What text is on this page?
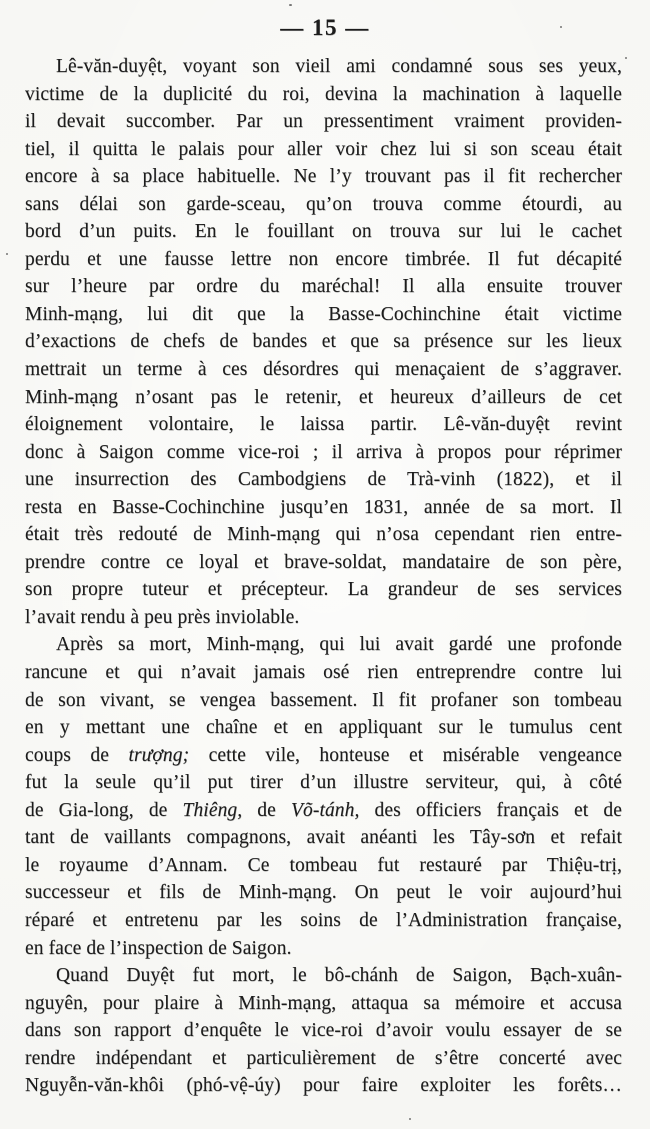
— 15 —
Lê-văn-duyệt, voyant son vieil ami condamné sous ses yeux,
victime de la duplicité du roi, devina la machination à laquelle
il devait succomber. Par un pressentiment vraiment providen-
tiel, il quitta le palais pour aller voir chez lui si son sceau était
encore à sa place habituelle. Ne l’y trouvant pas il fit rechercher
sans délai son garde-sceau, qu’on trouva comme étourdi, au
bord d’un puits. En le fouillant on trouva sur lui le cachet
perdu et une fausse lettre non encore timbrée. Il fut décapité
sur l’heure par ordre du maréchal! Il alla ensuite trouver
Minh-mạng, lui dit que la Basse-Cochinchine était victime
d’exactions de chefs de bandes et que sa présence sur les lieux
mettrait un terme à ces désordres qui menaçaient de s’aggraver.
Minh-mạng n’osant pas le retenir, et heureux d’ailleurs de cet
éloignement volontaire, le laissa partir. Lê-văn-duyệt revint
donc à Saigon comme vice-roi ; il arriva à propos pour réprimer
une insurrection des Cambodgiens de Trà-vinh (1822), et il
resta en Basse-Cochinchine jusqu’en 1831, année de sa mort. Il
était très redouté de Minh-mạng qui n’osa cependant rien entre-
prendre contre ce loyal et brave-soldat, mandataire de son père,
son propre tuteur et précepteur. La grandeur de ses services
l’avait rendu à peu près inviolable.
Après sa mort, Minh-mạng, qui lui avait gardé une profonde
rancune et qui n’avait jamais osé rien entreprendre contre lui
de son vivant, se vengea bassement. Il fit profaner son tombeau
en y mettant une chaîne et en appliquant sur le tumulus cent
coups de trượng; cette vile, honteuse et misérable vengeance
fut la seule qu’il put tirer d’un illustre serviteur, qui, à côté
de Gia-long, de Thiêng, de Võ-tánh, des officiers français et de
tant de vaillants compagnons, avait anéanti les Tây-sơn et refait
le royaume d’Annam. Ce tombeau fut restauré par Thiệu-trị,
successeur et fils de Minh-mạng. On peut le voir aujourd’hui
réparé et entretenu par les soins de l’Administration française,
en face de l’inspection de Saigon.
Quand Duyệt fut mort, le bô-chánh de Saigon, Bạch-xuân-
nguyên, pour plaire à Minh-mạng, attaqua sa mémoire et accusa
dans son rapport d’enquête le vice-roi d’avoir voulu essayer de se
rendre indépendant et particulièrement de s’être concerté avec
Nguyễn-văn-khôi (phó-vệ-úy) pour faire exploiter les forêts…
